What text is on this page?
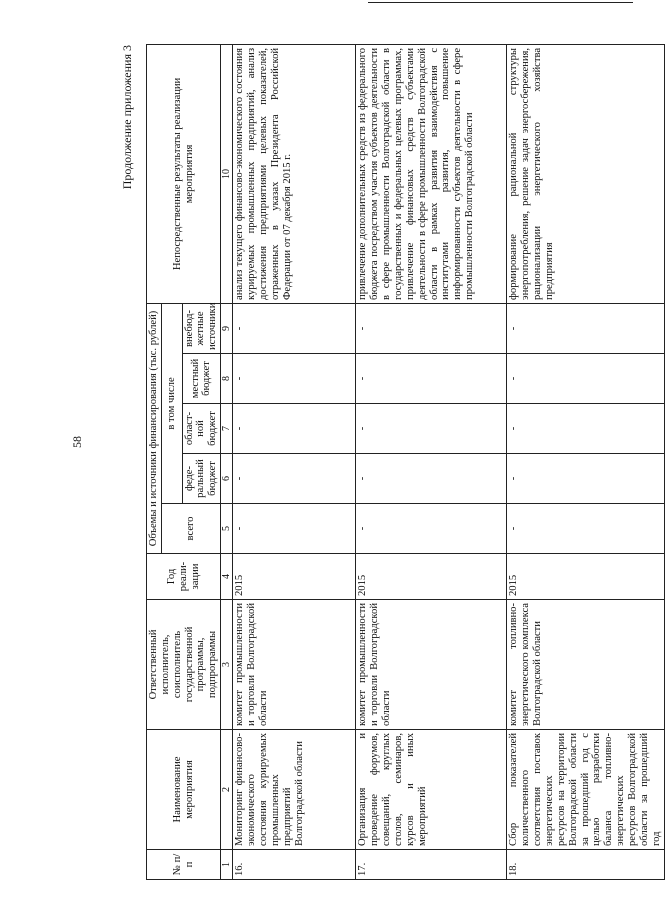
58
Продолжение приложения 3
№ п/п	Наименование мероприятия	Ответственный исполнитель, соисполнитель государственной программы, подпрограммы	Год реали-зации	Объемы и источники финансирования (тыс. рублей)					Непосредственные результаты реализации мероприятия
				всего	в том числе				
					феде-ральный бюджет	област-ной бюджет	местный бюджет	внебюд-жетные источники	
1	2	3	4	5	6	7	8	9	10
16.	Мониторинг финансово-экономического состояния курируемых промышленных предприятий Волгоградской области	комитет промышленности и торговли Волгоградской области	2015	-	-	-	-	-	анализ текущего финансово-экономического состояния курируемых промышленных предприятий, анализ достижения предприятиями целевых показателей, отраженных в указах Президента Российской Федерации от 07 декабря 2015 г.
17.	Организация и проведение форумов, совещаний, круглых столов, семинаров, курсов и иных мероприятий	комитет промышленности и торговли Волгоградской области	2015	-	-	-	-	-	привлечение дополнительных средств из федерального бюджета посредством участия субъектов деятельности в сфере промышленности Волгоградской области в государственных и федеральных целевых программах, привлечение финансовых средств субъектами деятельности в сфере промышленности Волгоградской области в рамках развития взаимодействия с институтами развития, повышение информированности субъектов деятельности в сфере промышленности Волгоградской области
18.	Сбор показателей количественного соответствия поставок энергетических ресурсов на территории Волгоградской области за прошедший год с целью разработки баланса топливно-энергетических ресурсов Волгоградской области за прошедший год	комитет топливно-энергетического комплекса Волгоградской области	2015	-	-	-	-	-	формирование рациональной структуры энергопотребления, решение задач энергосбережения, рационализации энергетического хозяйства предприятия
